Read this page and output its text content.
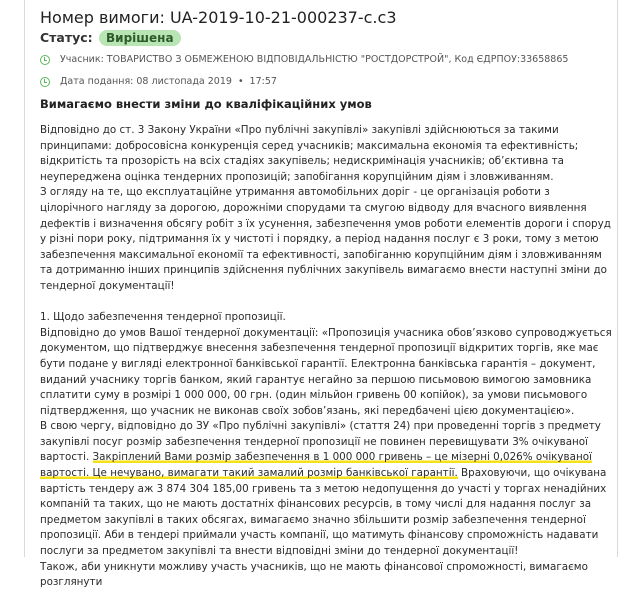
Номер вимоги: UA-2019-10-21-000237-c.c3
Статус: Вирішена
Учасник: ТОВАРИСТВО З ОБМЕЖЕНОЮ ВІДПОВІДАЛЬНІСТЮ "РОСТДОРСТРОЙ", Код ЄДРПОУ:33658865
Дата подання: 08 листопада 2019 • 17:57
Вимагаємо внести зміни до кваліфікаційних умов

Відповідно до ст. 3 Закону України «Про публічні закупівлі» закупівлі здійснюються за такими принципами: добросовісна конкуренція серед учасників; максимальна економія та ефективність; відкритість та прозорість на всіх стадіях закупівель; недискримінація учасників; об’єктивна та неупереджена оцінка тендерних пропозицій; запобігання корупційним діям і зловживанням.

З огляду на те, що експлуатаційне утримання автомобільних доріг - це організація роботи з цілорічного нагляду за дорогою, дорожніми спорудами та смугою відводу для вчасного виявлення дефектів і визначення обсягу робіт з їх усунення, забезпечення умов роботи елементів дороги і споруд у різні пори року, підтримання їх у чистоті і порядку, а період надання послуг є 3 роки, тому з метою забезпечення максимальної економії та ефективності, запобіганню корупційним діям і зловживанням та дотриманню інших принципів здійснення публічних закупівель вимагаємо внести наступні зміни до тендерної документації!

1. Щодо забезпечення тендерної пропозиції.

Відповідно до умов Вашої тендерної документації: «Пропозиція учасника обов’язково супроводжується документом, що підтверджує внесення забезпечення тендерної пропозиції відкритих торгів, яке має бути подане у вигляді електронної банківської гарантії. Електронна банківська гарантія – документ, виданий учаснику торгів банком, який гарантує негайно за першою письмовою вимогою замовника сплатити суму в розмірі 1 000 000, 00 грн. (один мільйон гривень 00 копійок), за умови письмового підтвердження, що учасник не виконав своїх зобов’язань, які передбачені цією документацією».

В свою чергу, відповідно до ЗУ «Про публічні закупівлі» (стаття 24) при проведенні торгів з предмету закупівлі посуг розмір забезпечення тендерної пропозиції не повинен перевищувати 3% очікуваної вартості. Закріплений Вами розмір забезпечення в 1 000 000 гривень – це мізерні 0,026% очікуваної вартості. Це нечувано, вимагати такий замалий розмір банківської гарантії. Враховуючи, що очікувана вартість тендеру аж 3 874 304 185,00 гривень та з метою недопущення до участі у торгах ненадійних компаній та таких, що не мають достатніх фінансових ресурсів, в тому числі для надання послуг за предметом закупівлі в таких обсягах, вимагаємо значно збільшити розмір забезпечення тендерної пропозиції. Аби в тендері приймали участь компанії, що матимуть фінансову спроможність надавати послуги за предметом закупівлі та внести відповідні зміни до тендерної документації!

Також, аби уникнути можливу участь учасників, що не мають фінансової спроможності, вимагаємо розглянути
